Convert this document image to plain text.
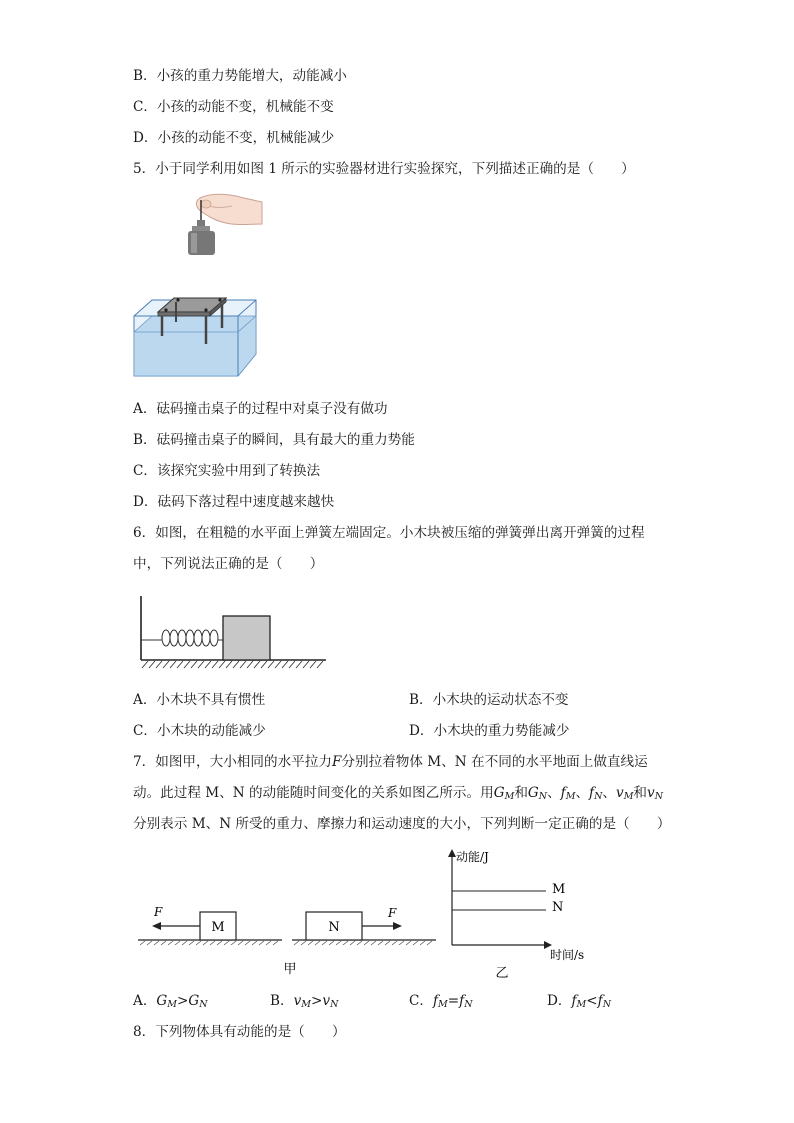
B．小孩的重力势能增大，动能减小
C．小孩的动能不变，机械能不变
D．小孩的动能不变，机械能减少
5．小于同学利用如图 1 所示的实验器材进行实验探究，下列描述正确的是（　　）
A．砝码撞击桌子的过程中对桌子没有做功
B．砝码撞击桌子的瞬间，具有最大的重力势能
C．该探究实验中用到了转换法
D．砝码下落过程中速度越来越快
6．如图，在粗糙的水平面上弹簧左端固定。小木块被压缩的弹簧弹出离开弹簧的过程
中，下列说法正确的是（　　）
A．小木块不具有惯性	B．小木块的运动状态不变
C．小木块的动能减少	D．小木块的重力势能减少
7．如图甲，大小相同的水平拉力F分别拉着物体 M、N 在不同的水平地面上做直线运
动。此过程 M、N 的动能随时间变化的关系如图乙所示。用GM和GN、fM、fN、vM和vN
分别表示 M、N 所受的重力、摩擦力和运动速度的大小，下列判断一定正确的是（　　）
M
F
N
F
甲
动能/J
时间/s
M
N
乙
A．GM>GN	B．vM>vN	C．fM=fN	D．fM<fN
8．下列物体具有动能的是（　　）
